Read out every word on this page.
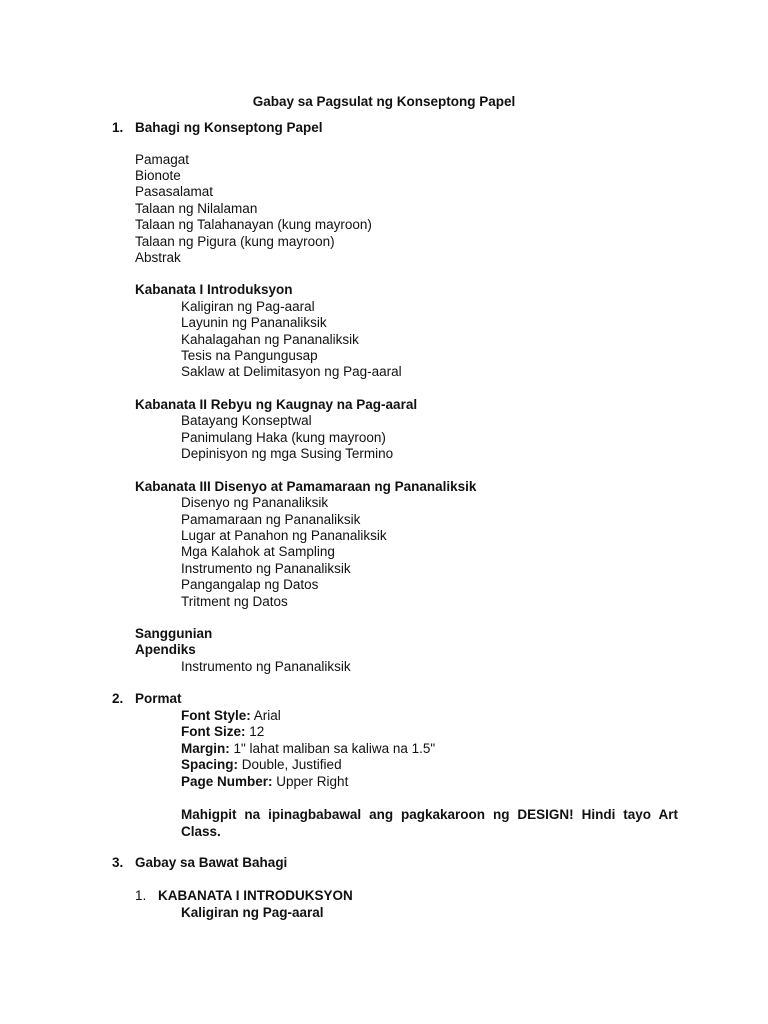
Gabay sa Pagsulat ng Konseptong Papel
1. Bahagi ng Konseptong Papel
Pamagat
Bionote
Pasasalamat
Talaan ng Nilalaman
Talaan ng Talahanayan (kung mayroon)
Talaan ng Pigura (kung mayroon)
Abstrak
Kabanata I Introduksyon
Kaligiran ng Pag-aaral
Layunin ng Pananaliksik
Kahalagahan ng Pananaliksik
Tesis na Pangungusap
Saklaw at Delimitasyon ng Pag-aaral
Kabanata II Rebyu ng Kaugnay na Pag-aaral
Batayang Konseptwal
Panimulang Haka (kung mayroon)
Depinisyon ng mga Susing Termino
Kabanata III Disenyo at Pamamaraan ng Pananaliksik
Disenyo ng Pananaliksik
Pamamaraan ng Pananaliksik
Lugar at Panahon ng Pananaliksik
Mga Kalahok at Sampling
Instrumento ng Pananaliksik
Pangangalap ng Datos
Tritment ng Datos
Sanggunian
Apendiks
Instrumento ng Pananaliksik
2. Pormat
Font Style: Arial
Font Size: 12
Margin: 1" lahat maliban sa kaliwa na 1.5"
Spacing: Double, Justified
Page Number: Upper Right
Mahigpit na ipinagbabawal ang pagkakaroon ng DESIGN! Hindi tayo Art Class.
3. Gabay sa Bawat Bahagi
1. KABANATA I INTRODUKSYON
Kaligiran ng Pag-aaral
